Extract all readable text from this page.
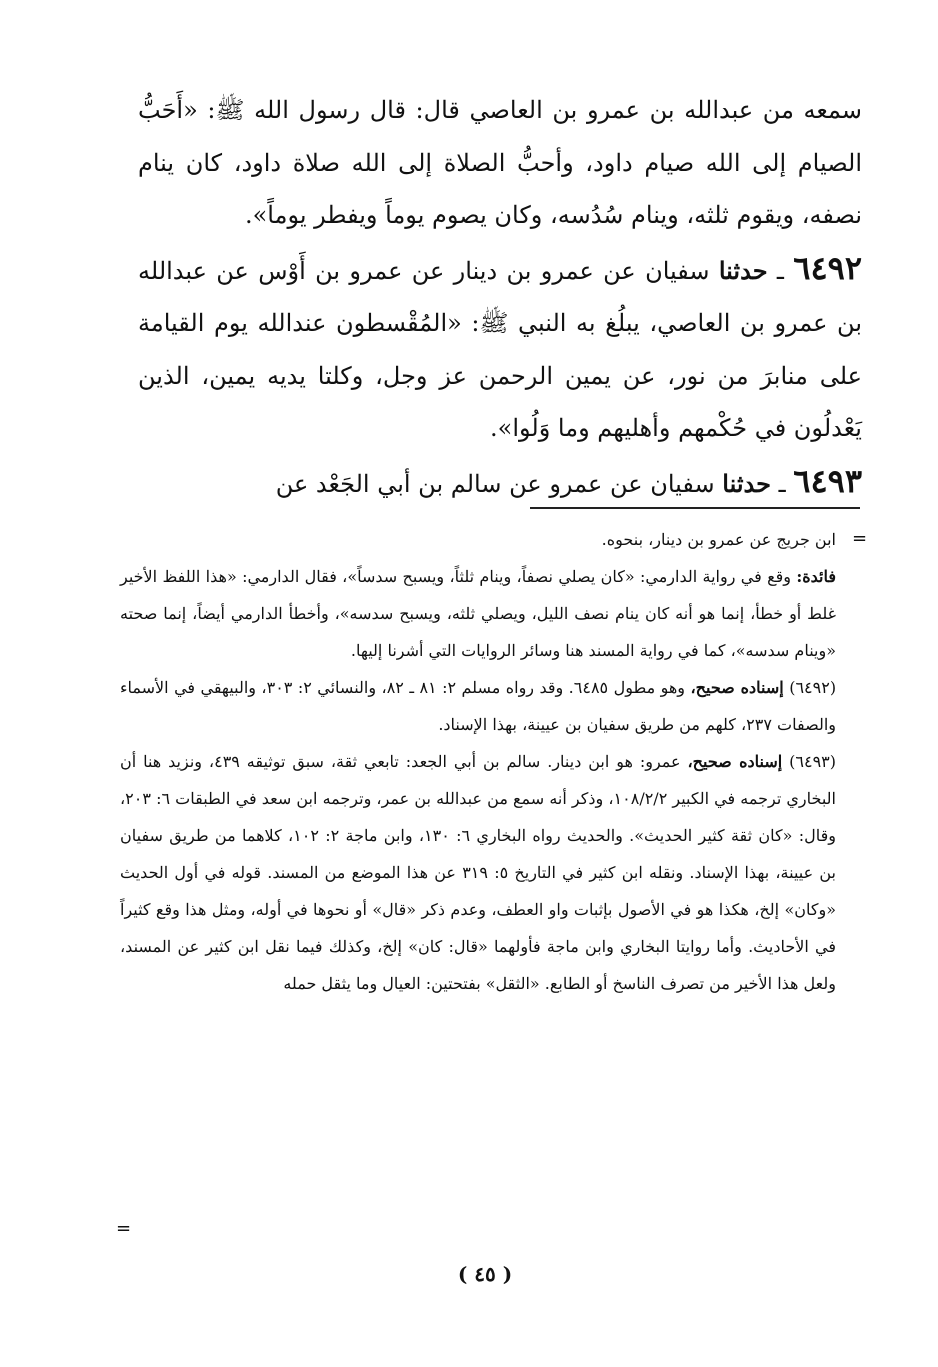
سمعه من عبدالله بن عمرو بن العاصي قال: قال رسول الله ﷺ: «أَحَبُّ الصيام إلى الله صيام داود، وأحبُّ الصلاة إلى الله صلاة داود، كان ينام نصفه، ويقوم ثلثه، وينام سُدُسه، وكان يصوم يوماً ويفطر يوماً».

٦٤٩٢ ـ حدثنا سفيان عن عمرو بن دينار عن عمرو بن أَوْس عن عبدالله بن عمرو بن العاصي، يبلُغ به النبي ﷺ: «المُقْسطون عندالله يوم القيامة على منابرَ من نور، عن يمين الرحمن عز وجل، وكلتا يديه يمين، الذين يَعْدلُون في حُكْمهم وأهليهم وما وَلُوا».

٦٤٩٣ ـ حدثنا سفيان عن عمرو عن سالم بن أبي الجَعْد عن

=

ابن جريج عن عمرو بن دينار، بنحوه.

فائدة: وقع في رواية الدارمي: «كان يصلي نصفاً، وينام ثلثاً، ويسبح سدساً»، فقال الدارمي: «هذا اللفظ الأخير غلط أو خطأ، إنما هو أنه كان ينام نصف الليل، ويصلي ثلثه، ويسبح سدسه»، وأخطأ الدارمي أيضاً، إنما صحته «وينام سدسه»، كما في رواية المسند هنا وسائر الروايات التي أشرنا إليها.

(٦٤٩٢) إسناده صحيح، وهو مطول ٦٤٨٥. وقد رواه مسلم ٢: ٨١ ـ ٨٢، والنسائي ٢: ٣٠٣، والبيهقي في الأسماء والصفات ٢٣٧، كلهم من طريق سفيان بن عيينة، بهذا الإسناد.

(٦٤٩٣) إسناده صحيح، عمرو: هو ابن دينار. سالم بن أبي الجعد: تابعي ثقة، سبق توثيقه ٤٣٩، ونزيد هنا أن البخاري ترجمه في الكبير ١٠٨/٢/٢، وذكر أنه سمع من عبدالله بن عمر، وترجمه ابن سعد في الطبقات ٦: ٢٠٣، وقال: «كان ثقة كثير الحديث». والحديث رواه البخاري ٦: ١٣٠، وابن ماجة ٢: ١٠٢، كلاهما من طريق سفيان بن عيينة، بهذا الإسناد. ونقله ابن كثير في التاريخ ٥: ٣١٩ عن هذا الموضع من المسند. قوله في أول الحديث «وكان» إلخ، هكذا هو في الأصول بإثبات واو العطف، وعدم ذكر «قال» أو نحوها في أوله، ومثل هذا وقع كثيراً في الأحاديث. وأما روايتا البخاري وابن ماجة فأولهما «قال: كان» إلخ، وكذلك فيما نقل ابن كثير عن المسند، ولعل هذا الأخير من تصرف الناسخ أو الطابع. «الثقل» بفتحتين: العيال وما يثقل حمله

=
( ٤٥ )
